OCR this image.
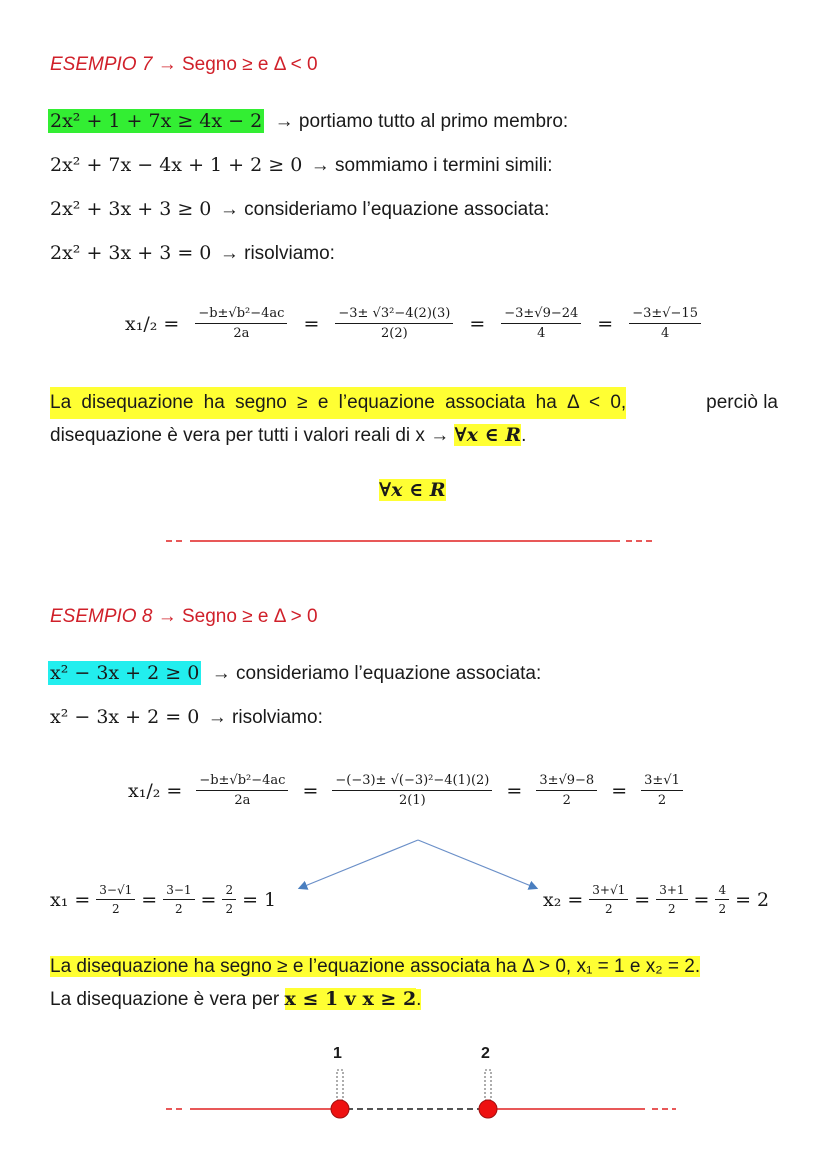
ESEMPIO 7 → Segno ≥ e Δ < 0
2x² + 1 + 7x ≥ 4x − 2 → portiamo tutto al primo membro:
2x² + 7x − 4x + 1 + 2 ≥ 0 → sommiamo i termini simili:
2x² + 3x + 3 ≥ 0 → consideriamo l’equazione associata:
2x² + 3x + 3 = 0 → risolviamo:
$x_1/_2 = \frac{\text{−b±√b²−4ac}}{2a} = \frac{\text{−3± √3²−4(2)(3)}}{2(2)} = \frac{-3\pm√9-24}{4} = \frac{-3\pm√-15}{4}$
La disequazione ha segno ≥ e l’equazione associata ha Δ < 0,	perciò la
disequazione è vera per tutti i valori reali di x → ∀x ∈ R.
∀x ∈ R
ESEMPIO 8 → Segno ≥ e Δ > 0
x² − 3x + 2 ≥ 0 → consideriamo l’equazione associata:
x² − 3x + 2 = 0 → risolviamo:
$x_1/_2 = \frac{\text{−b±√b²−4ac}}{2a} = \frac{\text{−(−3)± √(−3)²−4(1)(2)}}{2(1)} = \frac{3\pm√9-8}{2} = \frac{3\pm√1}{2}$
$x_1 = \frac{3-√1}{2} = \frac{3-1}{2} = \frac{2}{2} = 1$	$x_2 = \frac{3+√1}{2} = \frac{3+1}{2} = \frac{4}{2} = 2$
La disequazione ha segno ≥ e l’equazione associata ha Δ > 0, x₁ = 1 e x₂ = 2.
La disequazione è vera per x ≤ 1 v x ≥ 2.
1	2
